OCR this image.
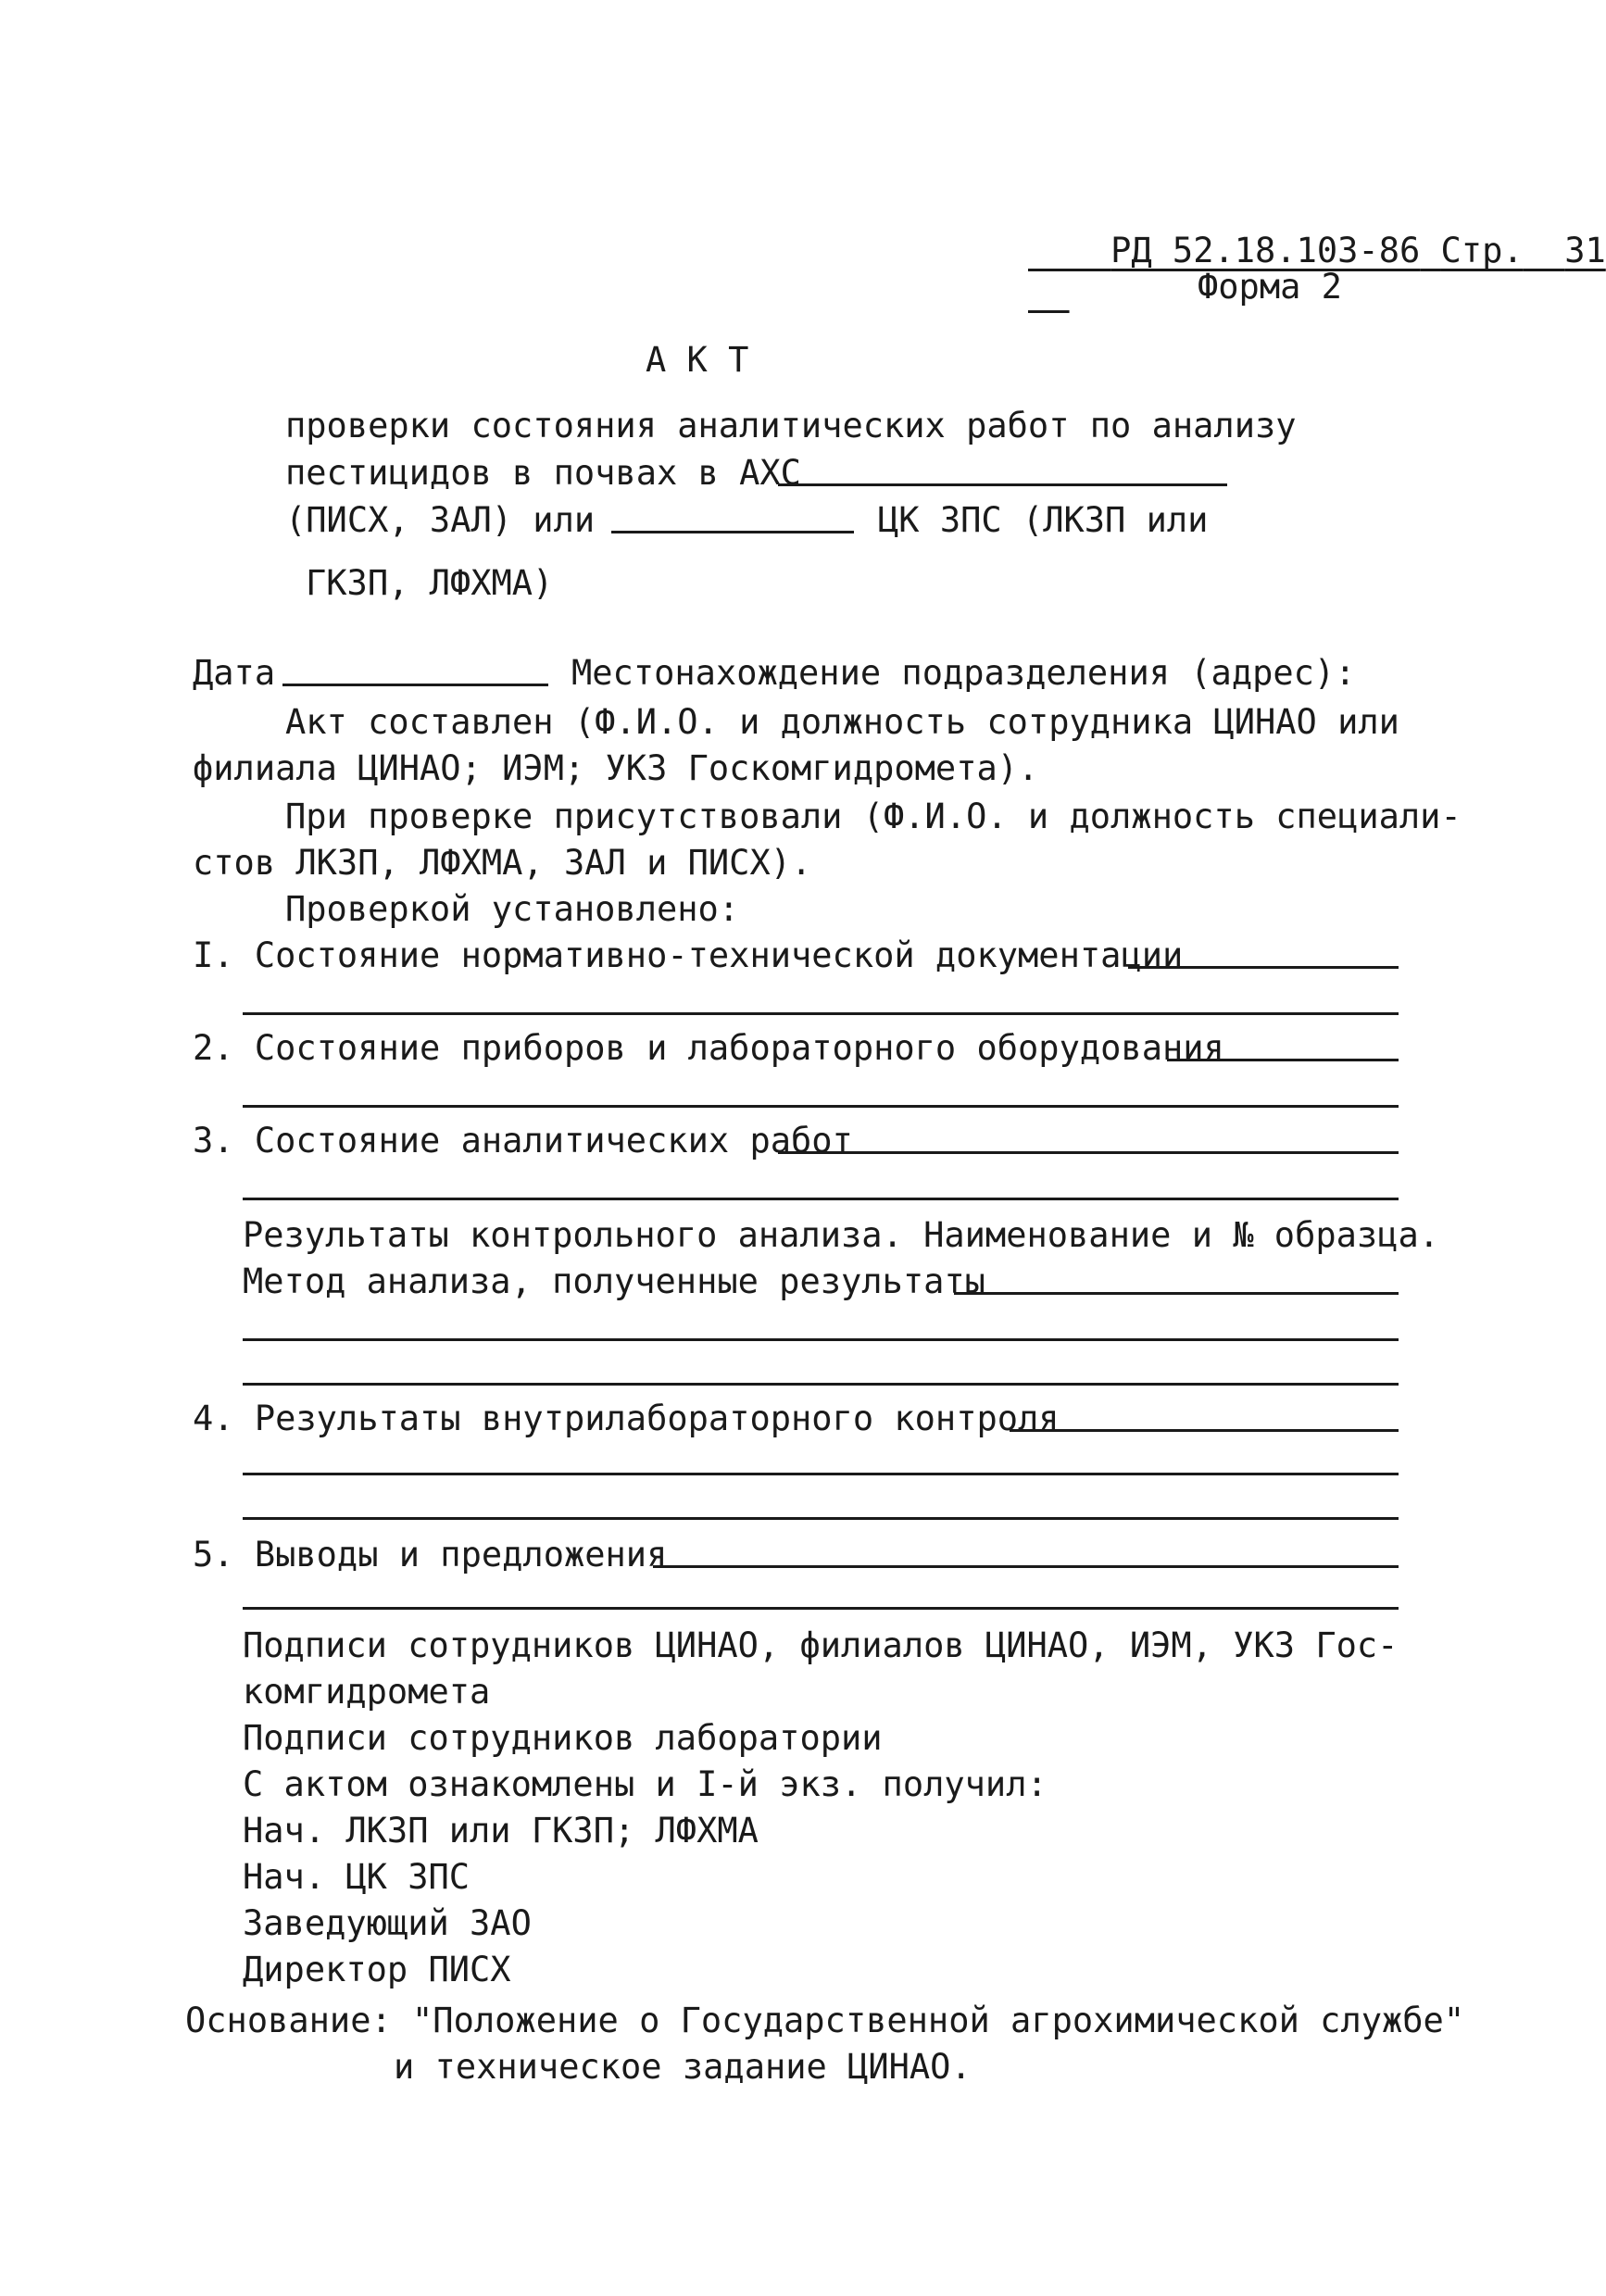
РД 52.18.103-86 Стр. 31

Форма 2
А К Т
проверки состояния аналитических работ по анализу
пестицидов в почвах в АХС
(ПИСХ, ЗАЛ) или	ЦК ЗПС (ЛКЗП или
ГКЗП, ЛФХМА)
Дата	Местонахождение подразделения (адрес):
Акт составлен (Ф.И.О. и должность сотрудника ЦИНАО или
филиала ЦИНАО; ИЭМ; УКЗ Госкомгидромета).
При проверке присутствовали (Ф.И.О. и должность специали-
стов ЛКЗП, ЛФХМА, ЗАЛ и ПИСХ).
Проверкой установлено:
I. Состояние нормативно-технической документации
2. Состояние приборов и лабораторного оборудования
3. Состояние аналитических работ
Результаты контрольного анализа. Наименование и № образца.
Метод анализа, полученные результаты
4. Результаты внутрилабораторного контроля
5. Выводы и предложения
Подписи сотрудников ЦИНАО, филиалов ЦИНАО, ИЭМ, УКЗ Гос-
комгидромета
Подписи сотрудников лаборатории
С актом ознакомлены и I-й экз. получил:
Нач. ЛКЗП или ГКЗП; ЛФХМА
Нач. ЦК ЗПС
Заведующий ЗАО
Директор ПИСХ
Основание: "Положение о Государственной агрохимической службе"
и техническое задание ЦИНАО.
